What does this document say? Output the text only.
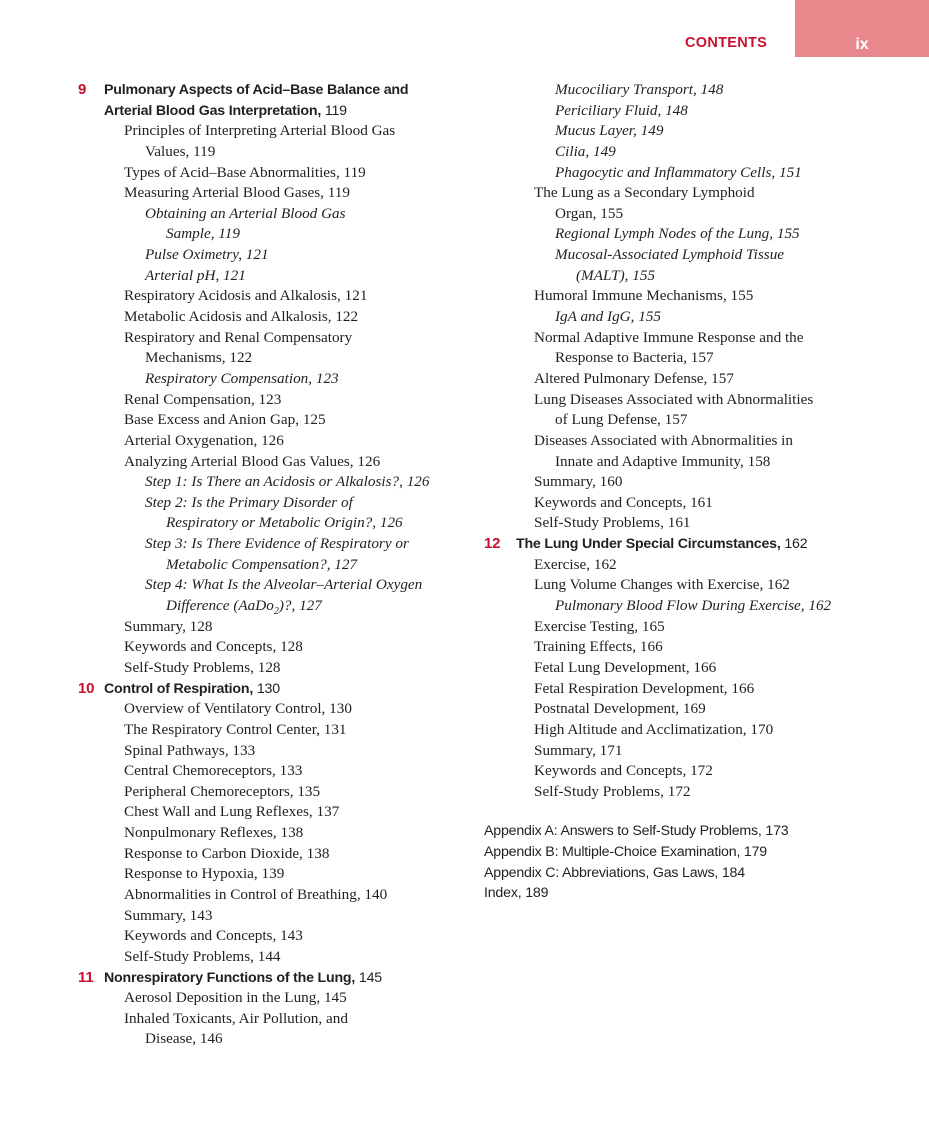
CONTENTS	ix
9 Pulmonary Aspects of Acid–Base Balance and
Arterial Blood Gas Interpretation, 119
Principles of Interpreting Arterial Blood Gas
Values, 119
Types of Acid–Base Abnormalities, 119
Measuring Arterial Blood Gases, 119
Obtaining an Arterial Blood Gas
Sample, 119
Pulse Oximetry, 121
Arterial pH, 121
Respiratory Acidosis and Alkalosis, 121
Metabolic Acidosis and Alkalosis, 122
Respiratory and Renal Compensatory
Mechanisms, 122
Respiratory Compensation, 123
Renal Compensation, 123
Base Excess and Anion Gap, 125
Arterial Oxygenation, 126
Analyzing Arterial Blood Gas Values, 126
Step 1: Is There an Acidosis or Alkalosis?, 126
Step 2: Is the Primary Disorder of
Respiratory or Metabolic Origin?, 126
Step 3: Is There Evidence of Respiratory or
Metabolic Compensation?, 127
Step 4: What Is the Alveolar–Arterial Oxygen
Difference (AaDo$_2$)?, 127
Summary, 128
Keywords and Concepts, 128
Self-Study Problems, 128
10 Control of Respiration, 130
Overview of Ventilatory Control, 130
The Respiratory Control Center, 131
Spinal Pathways, 133
Central Chemoreceptors, 133
Peripheral Chemoreceptors, 135
Chest Wall and Lung Reflexes, 137
Nonpulmonary Reflexes, 138
Response to Carbon Dioxide, 138
Response to Hypoxia, 139
Abnormalities in Control of Breathing, 140
Summary, 143
Keywords and Concepts, 143
Self-Study Problems, 144
11 Nonrespiratory Functions of the Lung, 145
Aerosol Deposition in the Lung, 145
Inhaled Toxicants, Air Pollution, and
Disease, 146
Mucociliary Transport, 148
Periciliary Fluid, 148
Mucus Layer, 149
Cilia, 149
Phagocytic and Inflammatory Cells, 151
The Lung as a Secondary Lymphoid
Organ, 155
Regional Lymph Nodes of the Lung, 155
Mucosal-Associated Lymphoid Tissue
(MALT), 155
Humoral Immune Mechanisms, 155
IgA and IgG, 155
Normal Adaptive Immune Response and the
Response to Bacteria, 157
Altered Pulmonary Defense, 157
Lung Diseases Associated with Abnormalities
of Lung Defense, 157
Diseases Associated with Abnormalities in
Innate and Adaptive Immunity, 158
Summary, 160
Keywords and Concepts, 161
Self-Study Problems, 161
12 The Lung Under Special Circumstances, 162
Exercise, 162
Lung Volume Changes with Exercise, 162
Pulmonary Blood Flow During Exercise, 162
Exercise Testing, 165
Training Effects, 166
Fetal Lung Development, 166
Fetal Respiration Development, 166
Postnatal Development, 169
High Altitude and Acclimatization, 170
Summary, 171
Keywords and Concepts, 172
Self-Study Problems, 172
Appendix A: Answers to Self-Study Problems, 173
Appendix B: Multiple-Choice Examination, 179
Appendix C: Abbreviations, Gas Laws, 184
Index, 189
